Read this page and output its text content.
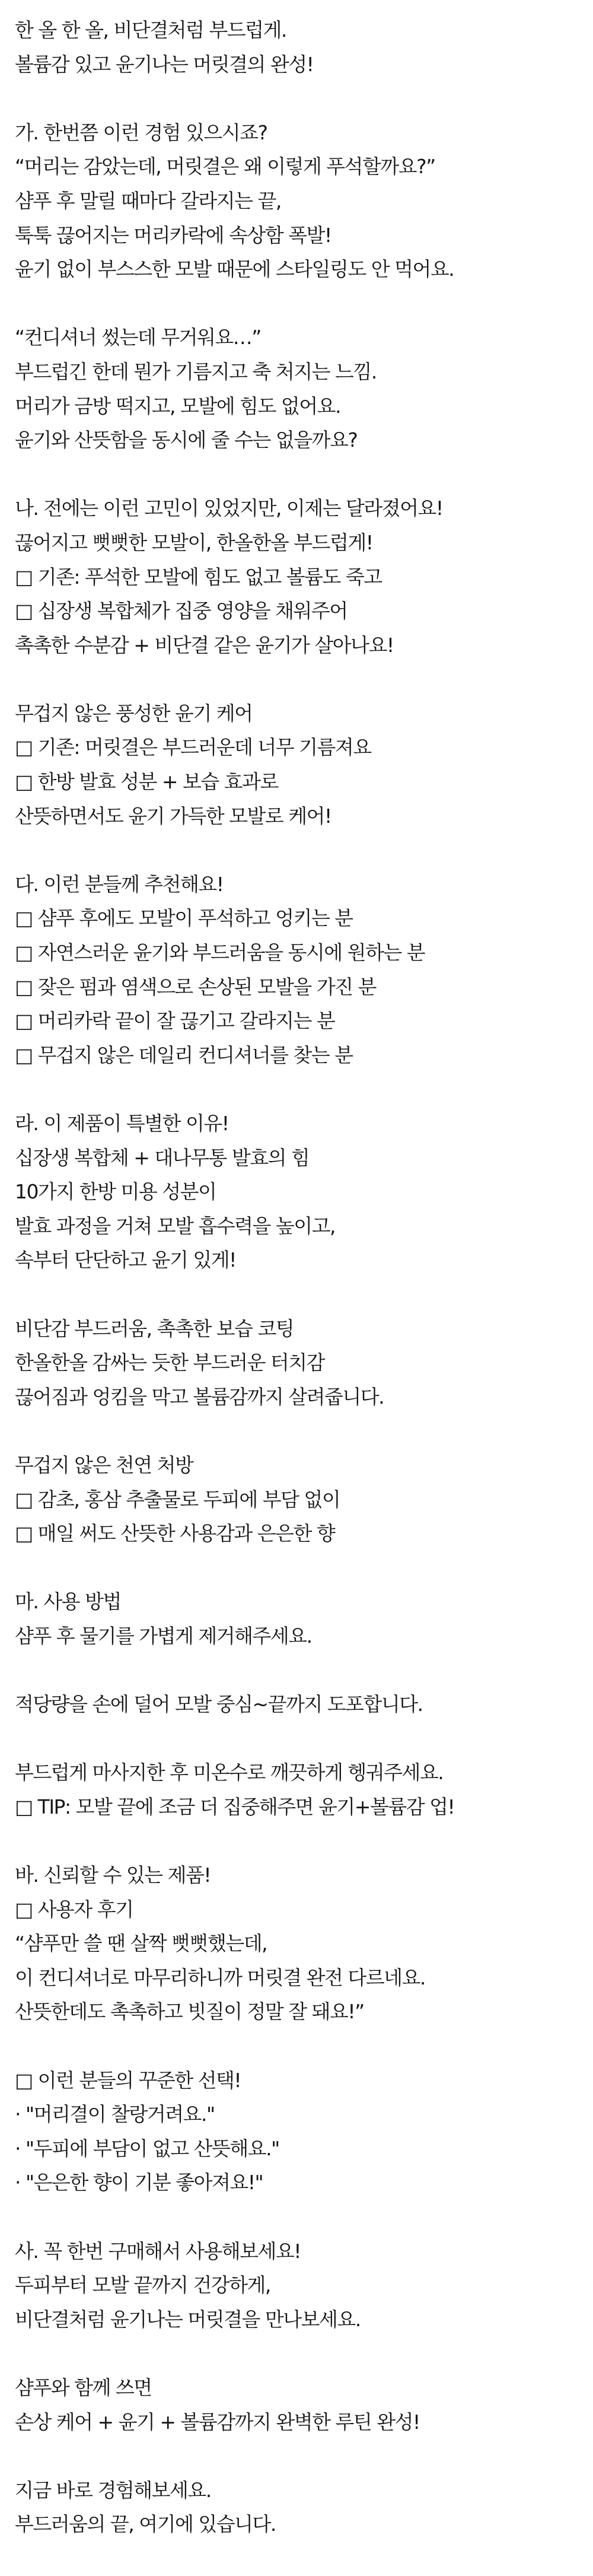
한 올 한 올, 비단결처럼 부드럽게.
볼륨감 있고 윤기나는 머릿결의 완성!
가. 한번쯤 이런 경험 있으시죠?
“머리는 감았는데, 머릿결은 왜 이렇게 푸석할까요?”
샴푸 후 말릴 때마다 갈라지는 끝,
툭툭 끊어지는 머리카락에 속상함 폭발!
윤기 없이 부스스한 모발 때문에 스타일링도 안 먹어요.
“컨디셔너 썼는데 무거워요…”
부드럽긴 한데 뭔가 기름지고 축 처지는 느낌.
머리가 금방 떡지고, 모발에 힘도 없어요.
윤기와 산뜻함을 동시에 줄 수는 없을까요?
나. 전에는 이런 고민이 있었지만, 이제는 달라졌어요!
끊어지고 뻣뻣한 모발이, 한올한올 부드럽게!
□ 기존: 푸석한 모발에 힘도 없고 볼륨도 죽고
□ 십장생 복합체가 집중 영양을 채워주어
촉촉한 수분감 + 비단결 같은 윤기가 살아나요!
무겁지 않은 풍성한 윤기 케어
□ 기존: 머릿결은 부드러운데 너무 기름져요
□ 한방 발효 성분 + 보습 효과로
산뜻하면서도 윤기 가득한 모발로 케어!
다. 이런 분들께 추천해요!
□ 샴푸 후에도 모발이 푸석하고 엉키는 분
□ 자연스러운 윤기와 부드러움을 동시에 원하는 분
□ 잦은 펌과 염색으로 손상된 모발을 가진 분
□ 머리카락 끝이 잘 끊기고 갈라지는 분
□ 무겁지 않은 데일리 컨디셔너를 찾는 분
라. 이 제품이 특별한 이유!
십장생 복합체 + 대나무통 발효의 힘
10가지 한방 미용 성분이
발효 과정을 거쳐 모발 흡수력을 높이고,
속부터 단단하고 윤기 있게!
비단감 부드러움, 촉촉한 보습 코팅
한올한올 감싸는 듯한 부드러운 터치감
끊어짐과 엉킴을 막고 볼륨감까지 살려줍니다.
무겁지 않은 천연 처방
□ 감초, 홍삼 추출물로 두피에 부담 없이
□ 매일 써도 산뜻한 사용감과 은은한 향
마. 사용 방법
샴푸 후 물기를 가볍게 제거해주세요.
적당량을 손에 덜어 모발 중심~끝까지 도포합니다.
부드럽게 마사지한 후 미온수로 깨끗하게 헹궈주세요.
□ TIP: 모발 끝에 조금 더 집중해주면 윤기+볼륨감 업!
바. 신뢰할 수 있는 제품!
□ 사용자 후기
“샴푸만 쓸 땐 살짝 뻣뻣했는데,
이 컨디셔너로 마무리하니까 머릿결 완전 다르네요.
산뜻한데도 촉촉하고 빗질이 정말 잘 돼요!”
□ 이런 분들의 꾸준한 선택!
· "머리결이 찰랑거려요."
· "두피에 부담이 없고 산뜻해요."
· "은은한 향이 기분 좋아져요!"
사. 꼭 한번 구매해서 사용해보세요!
두피부터 모발 끝까지 건강하게,
비단결처럼 윤기나는 머릿결을 만나보세요.
샴푸와 함께 쓰면
손상 케어 + 윤기 + 볼륨감까지 완벽한 루틴 완성!
지금 바로 경험해보세요.
부드러움의 끝, 여기에 있습니다.
